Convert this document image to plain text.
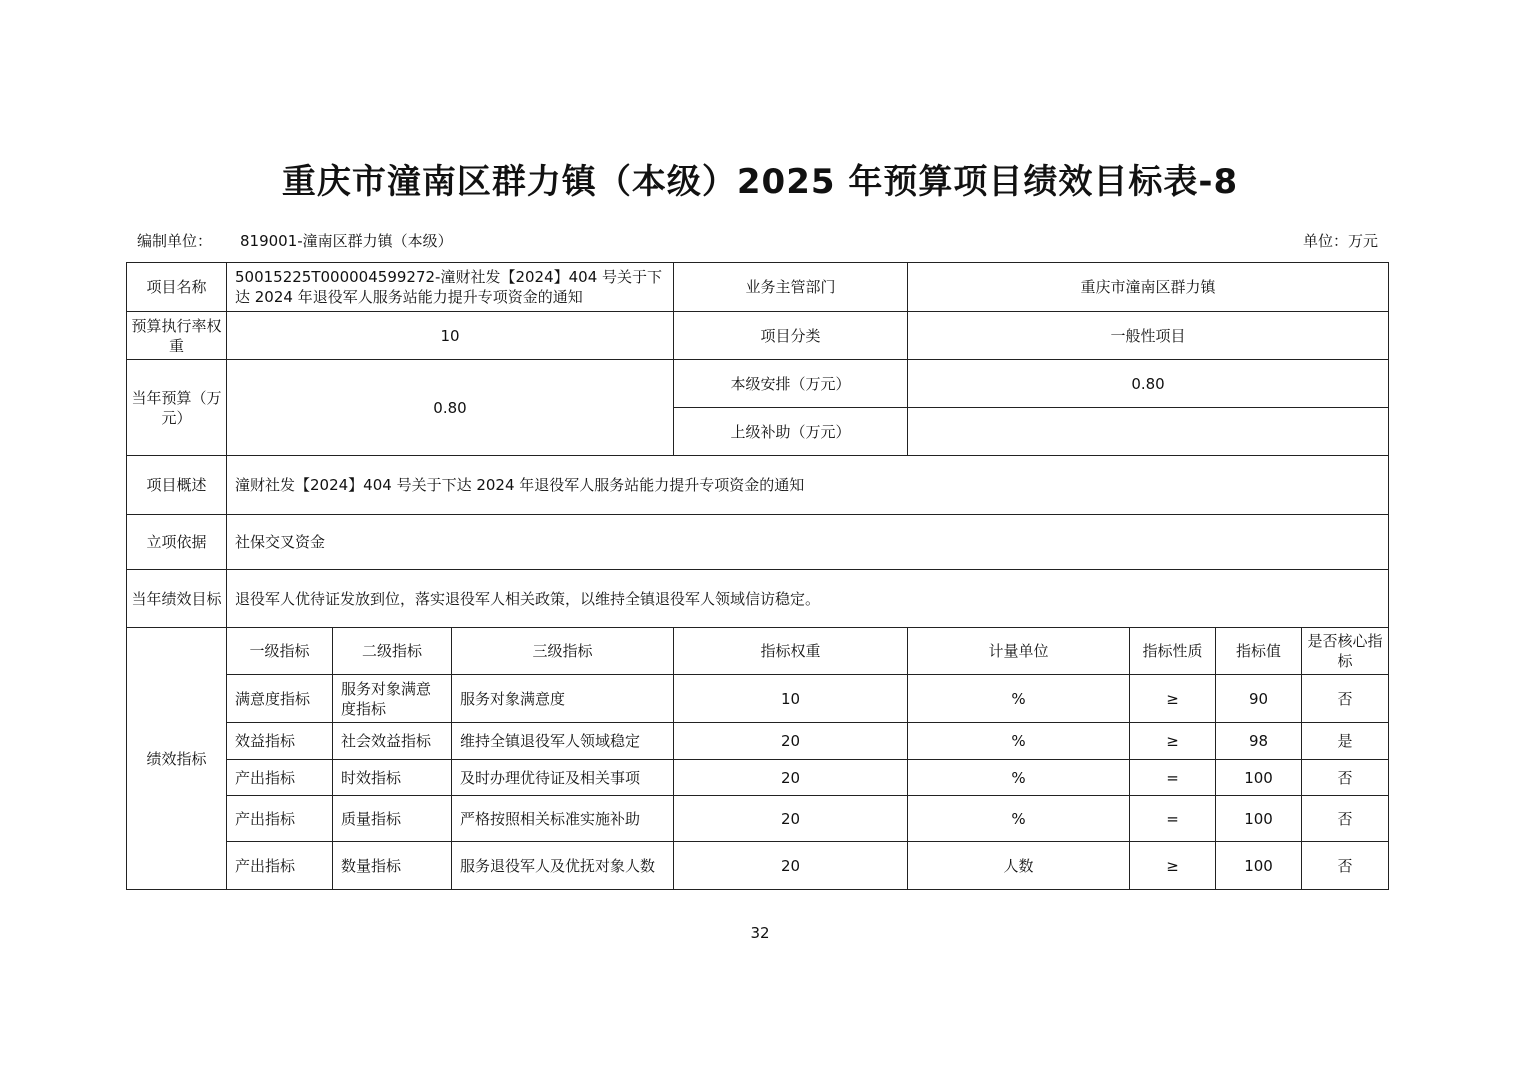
重庆市潼南区群力镇（本级）2025 年预算项目绩效目标表-8
编制单位： 819001-潼南区群力镇（本级）	单位：万元
项目名称	50015225T000004599272-潼财社发【2024】404 号关于下达 2024 年退役军人服务站能力提升专项资金的通知			业务主管部门	重庆市潼南区群力镇			
预算执行率权重	10			项目分类	一般性项目			
当年预算（万元）	0.80			本级安排（万元）	0.80			
				上级补助（万元）				
项目概述	潼财社发【2024】404 号关于下达 2024 年退役军人服务站能力提升专项资金的通知							
立项依据	社保交叉资金							
当年绩效目标	退役军人优待证发放到位，落实退役军人相关政策，以维持全镇退役军人领域信访稳定。							
绩效指标	一级指标	二级指标	三级指标	指标权重	计量单位	指标性质	指标值	是否核心指标
	满意度指标	服务对象满意度指标	服务对象满意度	10	%	≥	90	否
	效益指标	社会效益指标	维持全镇退役军人领域稳定	20	%	≥	98	是
	产出指标	时效指标	及时办理优待证及相关事项	20	%	=	100	否
	产出指标	质量指标	严格按照相关标准实施补助	20	%	=	100	否
	产出指标	数量指标	服务退役军人及优抚对象人数	20	人数	≥	100	否
32
